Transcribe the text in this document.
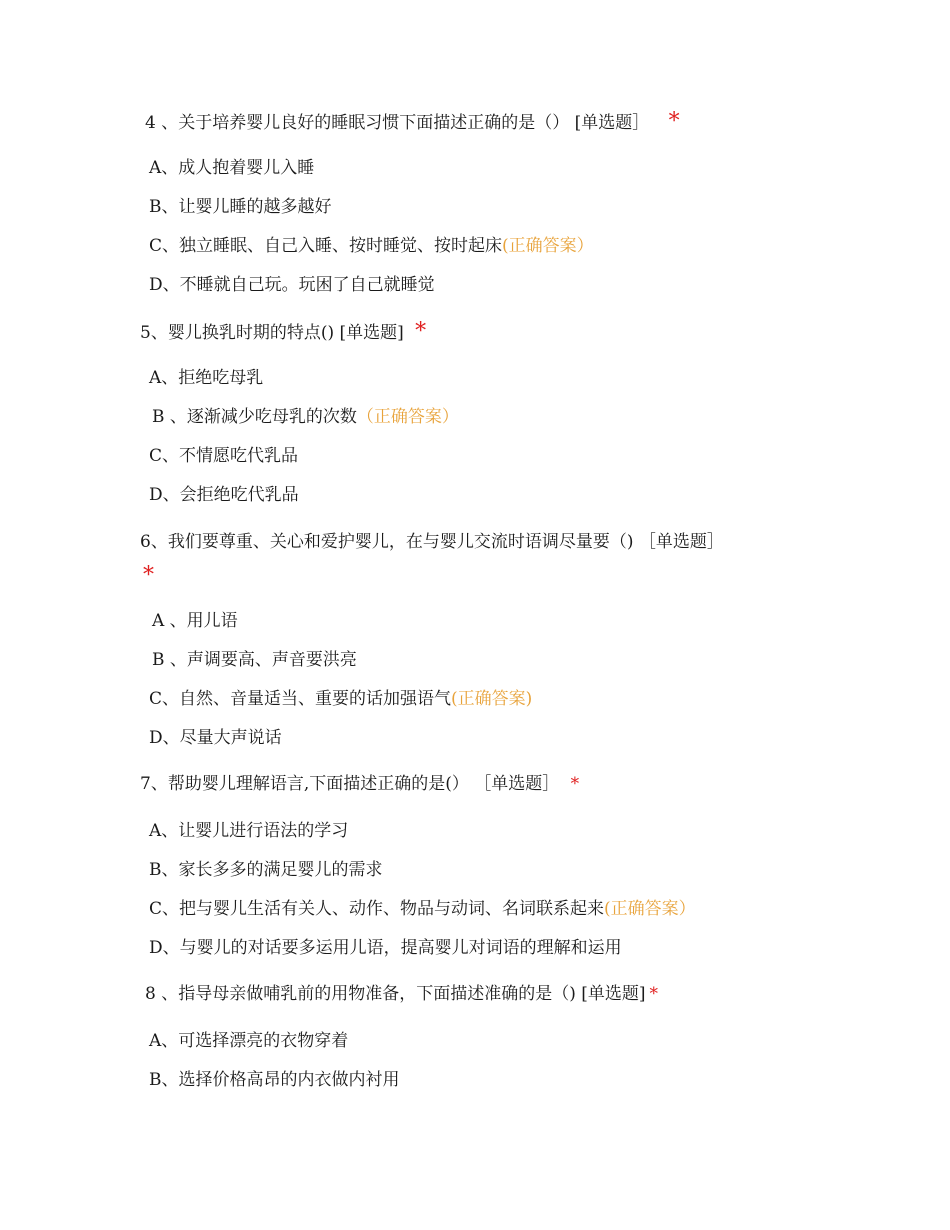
4 、关于培养婴儿良好的睡眠习惯下面描述正确的是（） [单选题］ *
A、成人抱着婴儿入睡
B、让婴儿睡的越多越好
C、独立睡眠、自己入睡、按时睡觉、按时起床(正确答案）
D、不睡就自己玩。玩困了自己就睡觉
5、婴儿换乳时期的特点() [单选题] *
A、拒绝吃母乳
B 、逐渐减少吃母乳的次数（正确答案）
C、不情愿吃代乳品
D、会拒绝吃代乳品
6、我们要尊重、关心和爱护婴儿，在与婴儿交流时语调尽量要（) ［单选题］
*
A 、用儿语
B 、声调要高、声音要洪亮
C、自然、音量适当、重要的话加强语气(正确答案)
D、尽量大声说话
7、帮助婴儿理解语言,下面描述正确的是(） ［单选题］ *
A、让婴儿进行语法的学习
B、家长多多的满足婴儿的需求
C、把与婴儿生活有关人、动作、物品与动词、名词联系起来(正确答案）
D、与婴儿的对话要多运用儿语，提高婴儿对词语的理解和运用
8 、指导母亲做哺乳前的用物准备，下面描述准确的是（) [单选题] *
A、可选择漂亮的衣物穿着
B、选择价格高昂的内衣做内衬用
